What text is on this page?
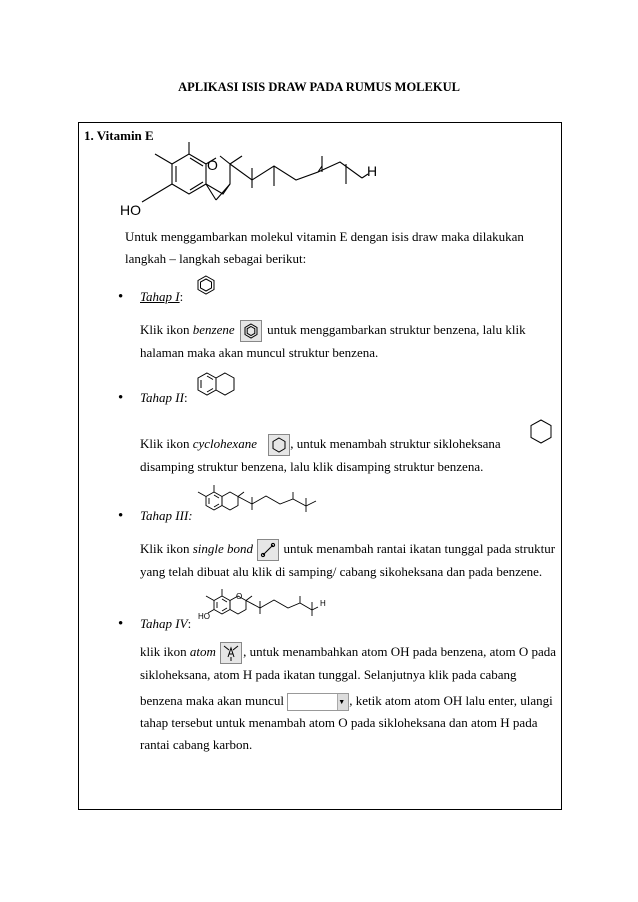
APLIKASI ISIS DRAW PADA RUMUS MOLEKUL
1. Vitamin E
O	H
HO
Untuk menggambarkan molekul vitamin E dengan isis draw maka dilakukan
langkah – langkah sebagai berikut:
• Tahap I:
Klik ikon benzene
untuk menggambarkan struktur benzena, lalu klik
halaman maka akan muncul struktur benzena.
• Tahap II:
Klik ikon cyclohexane	, untuk menambah struktur sikloheksana
disamping struktur benzena, lalu klik disamping struktur benzena.
• Tahap III:
Klik ikon single bond
untuk menambah rantai ikatan tunggal pada struktur
yang telah dibuat alu klik di samping/ cabang sikoheksana dan pada benzene.
• Tahap IV:
O
H
HO
klik ikon atom , untuk menambahkan atom OH pada benzena, atom O pada
sikloheksana, atom H pada ikatan tunggal. Selanjutnya klik pada cabang
benzena maka akan muncul	▼ , ketik atom atom OH lalu enter, ulangi
tahap tersebut untuk menambah atom O pada sikloheksana dan atom H pada
rantai cabang karbon.
